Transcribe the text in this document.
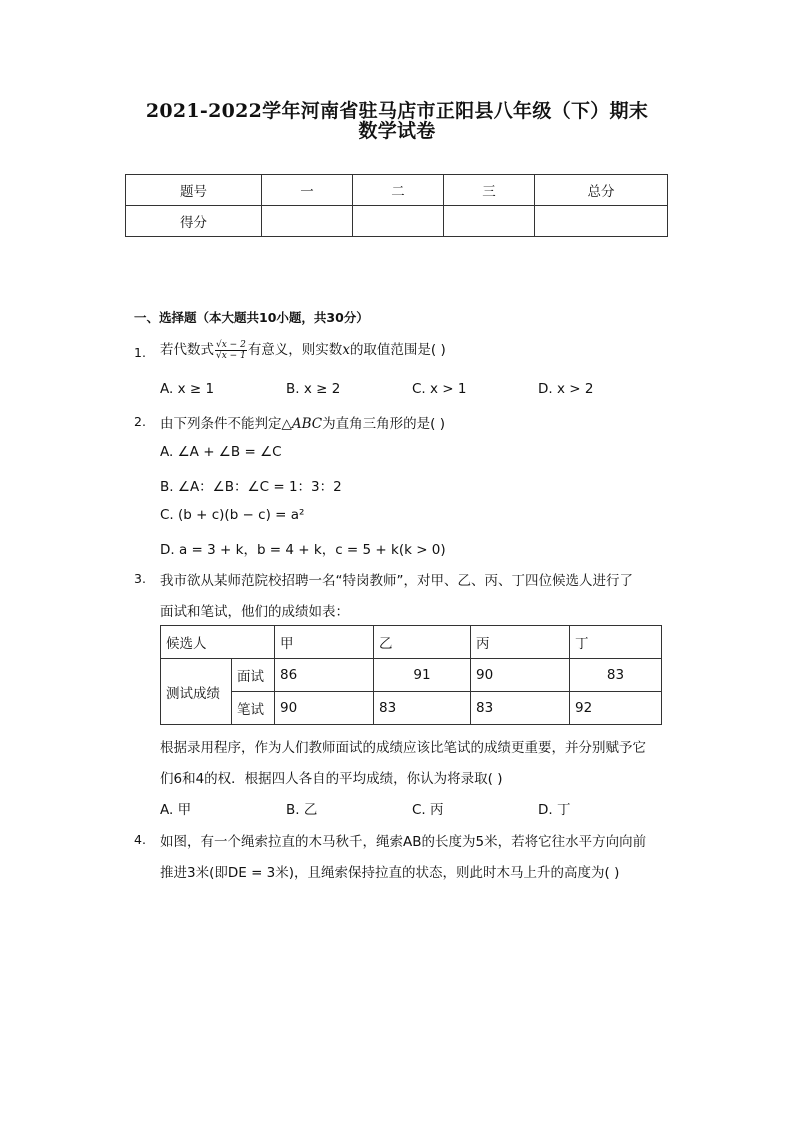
2021-2022学年河南省驻马店市正阳县八年级（下）期末
数学试卷
题号	一	二	三	总分
得分				
一、选择题（本大题共10小题，共30分）
1. 若代数式 $\frac{√x - 2}{√x - 1}$ 有意义，则实数x的取值范围是( )
A. x ≥ 1	B. x ≥ 2	C. x > 1	D. x > 2
2. 由下列条件不能判定△ABC为直角三角形的是( )
A. ∠A + ∠B = ∠C
B. ∠A：∠B：∠C = 1：3：2
C. (b + c)(b − c) = a²
D. a = 3 + k，b = 4 + k，c = 5 + k(k > 0)
3. 我市欲从某师范院校招聘一名“特岗教师”，对甲、乙、丙、丁四位候选人进行了
面试和笔试，他们的成绩如表：
候选人		甲	乙	丙	丁
测试成绩	面试	86	91	90	83
	笔试	90	83	83	92
根据录用程序，作为人们教师面试的成绩应该比笔试的成绩更重要，并分别赋予它
们6和4的权．根据四人各自的平均成绩，你认为将录取( )
A. 甲	B. 乙	C. 丙	D. 丁
4. 如图，有一个绳索拉直的木马秋千，绳索AB的长度为5米，若将它往水平方向向前
推进3米(即DE = 3米)，且绳索保持拉直的状态，则此时木马上升的高度为( )
